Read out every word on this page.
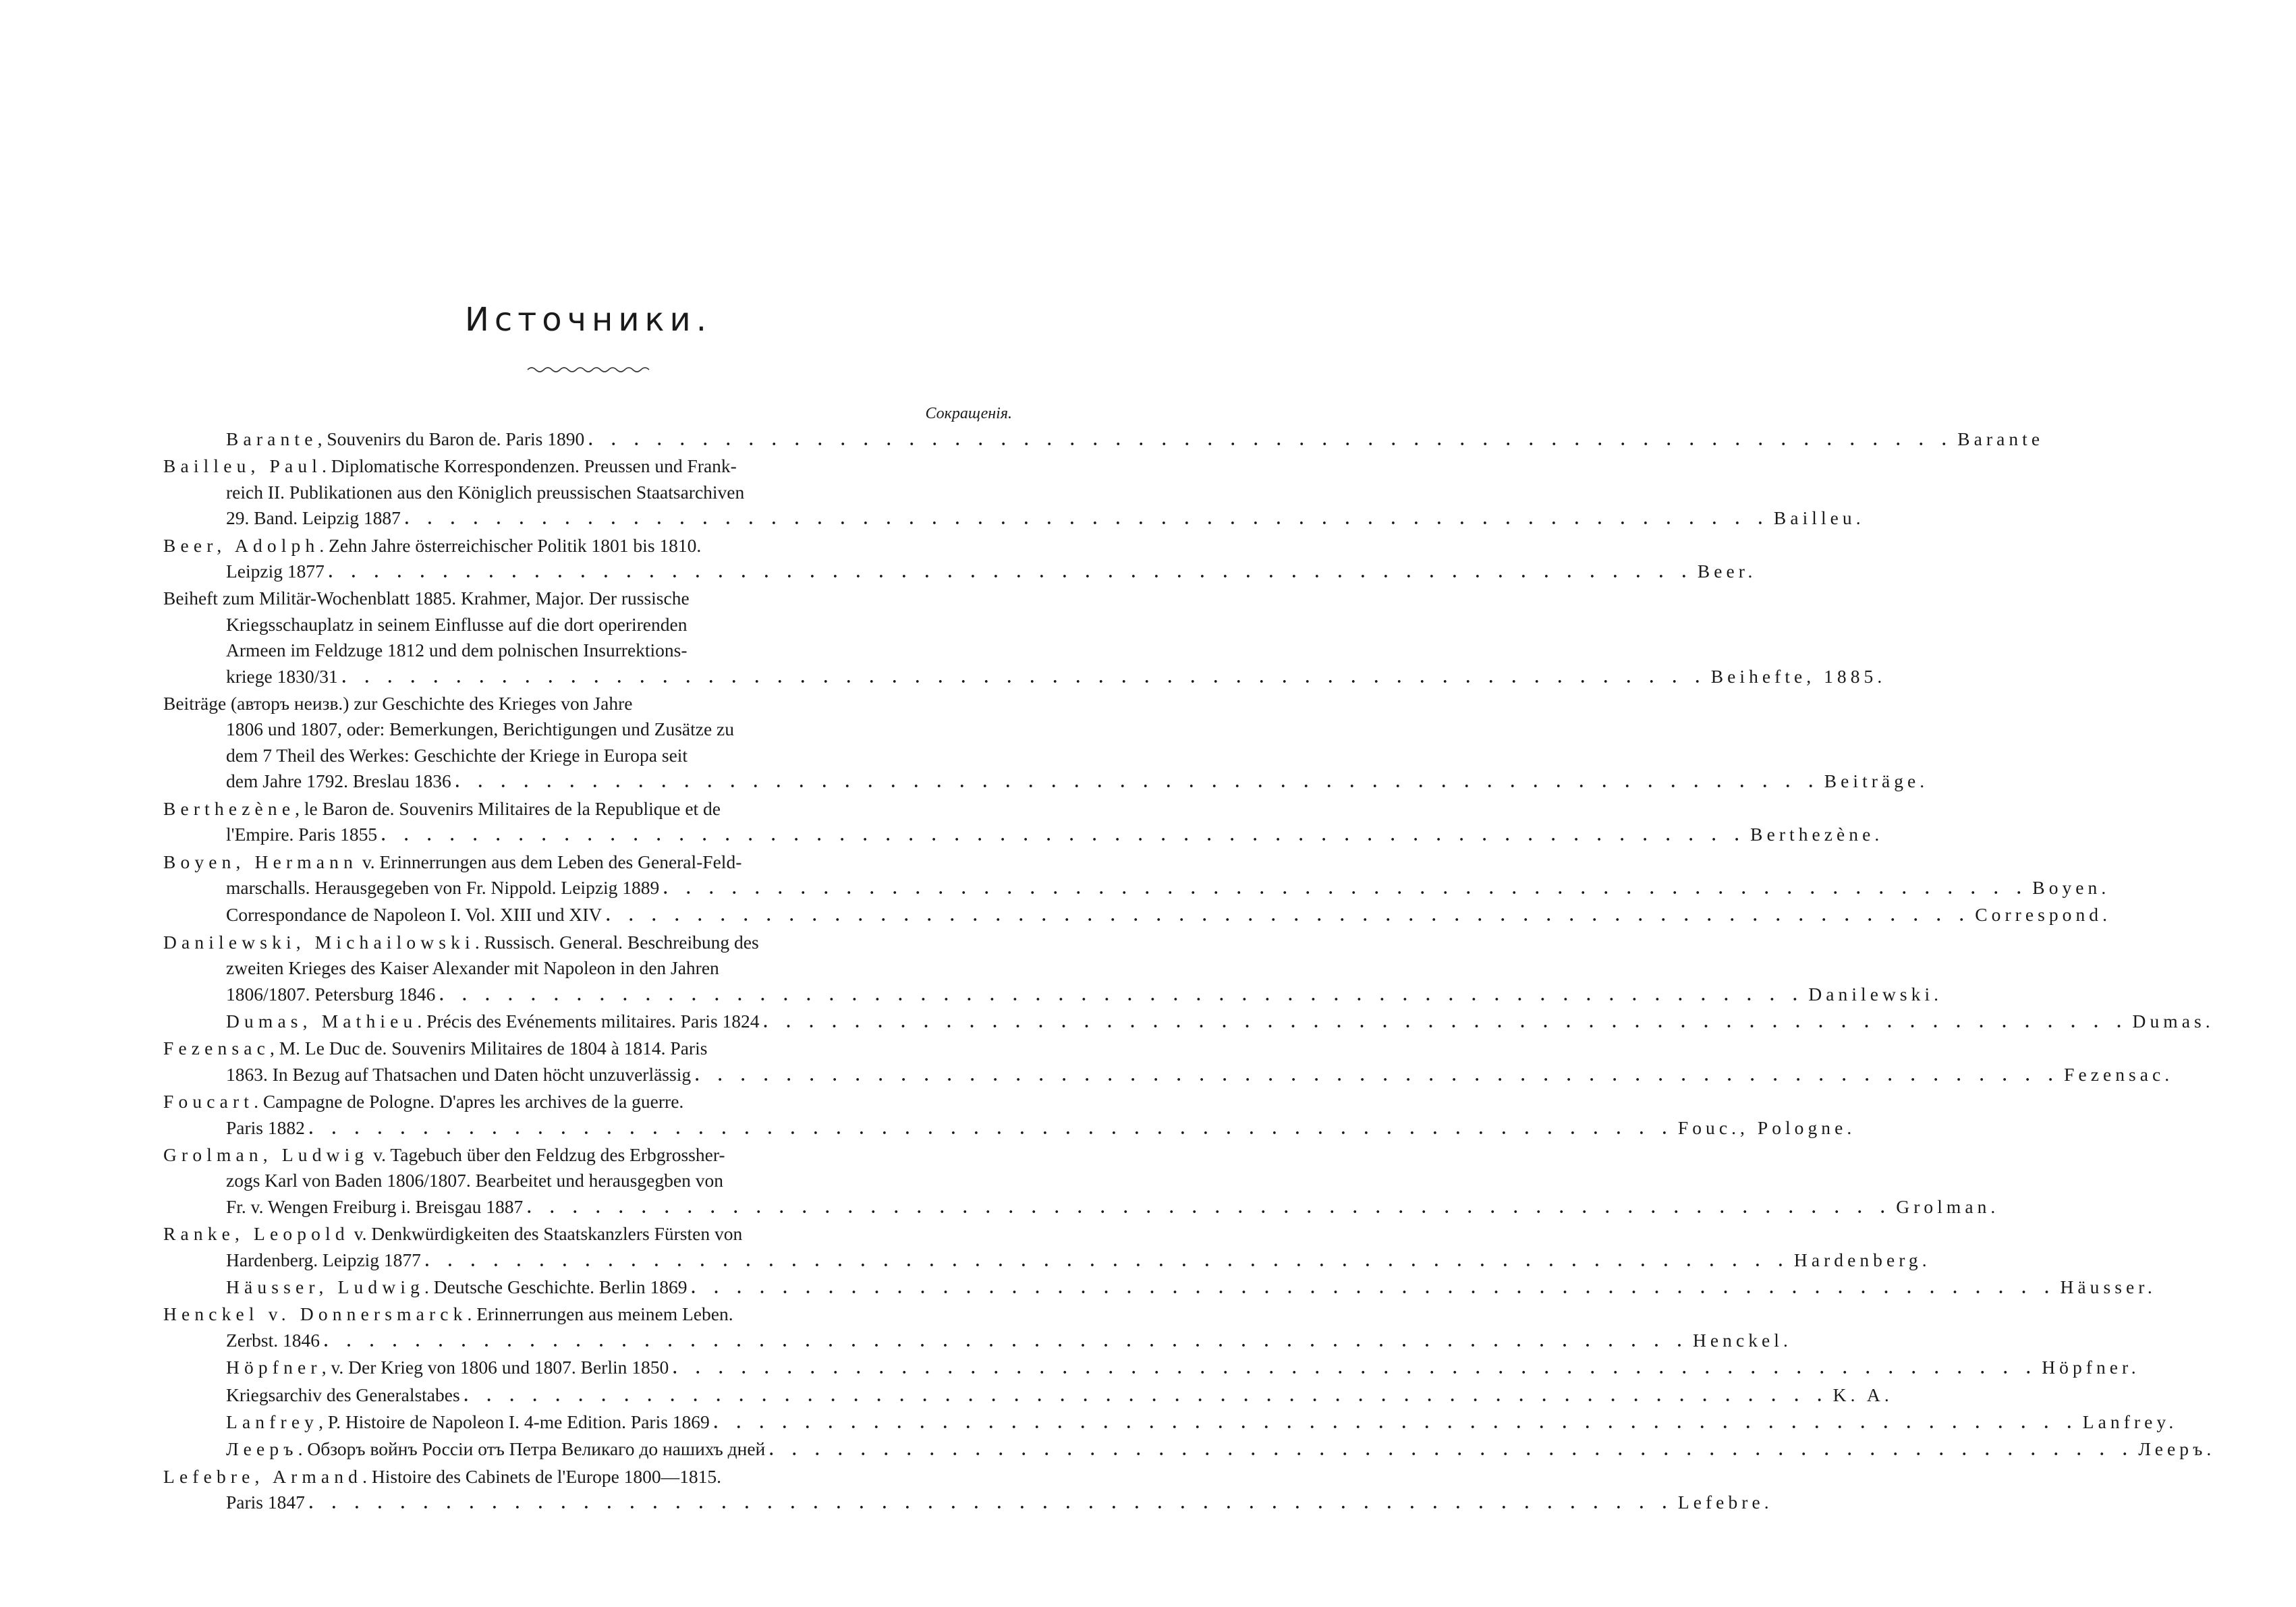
Источники.
Сокращенія.
Barante, Souvenirs du Baron de. Paris 1890 . . . . . . . . . . . . . . . . . . . . . . . . . . . . . . . . . . . . . . . . . . . . . . . . . . . . . . . . . . . . Barante
Bailleu, Paul. Diplomatische Korrespondenzen. Preussen und Frank-
reich II. Publikationen aus den Königlich preussischen Staatsarchiven
29. Band. Leipzig 1887 . . . . . . . . . . . . . . . . . . . . . . . . . . . . . . . . . . . . . . . . . . . . . . . . . . . . . . . . . . . . Bailleu.
Beer, Adolph. Zehn Jahre österreichischer Politik 1801 bis 1810.
Leipzig 1877 . . . . . . . . . . . . . . . . . . . . . . . . . . . . . . . . . . . . . . . . . . . . . . . . . . . . . . . . . . . . Beer.
Beiheft zum Militär-Wochenblatt 1885. Krahmer, Major. Der russische
Kriegsschauplatz in seinem Einflusse auf die dort operirenden
Armeen im Feldzuge 1812 und dem polnischen Insurrektions-
kriege 1830/31 . . . . . . . . . . . . . . . . . . . . . . . . . . . . . . . . . . . . . . . . . . . . . . . . . . . . . . . . . . . . Beihefte, 1885.
Beiträge (авторъ неизв.) zur Geschichte des Krieges von Jahre
1806 und 1807, oder: Bemerkungen, Berichtigungen und Zusätze zu
dem 7 Theil des Werkes: Geschichte der Kriege in Europa seit
dem Jahre 1792. Breslau 1836 . . . . . . . . . . . . . . . . . . . . . . . . . . . . . . . . . . . . . . . . . . . . . . . . . . . . . . . . . . . . Beiträge.
Berthezène, le Baron de. Souvenirs Militaires de la Republique et de
l'Empire. Paris 1855 . . . . . . . . . . . . . . . . . . . . . . . . . . . . . . . . . . . . . . . . . . . . . . . . . . . . . . . . . . . . Berthezène.
Boyen, Hermann v. Erinnerrungen aus dem Leben des General-Feld-
marschalls. Herausgegeben von Fr. Nippold. Leipzig 1889 . . . . . . . . . . . . . . . . . . . . . . . . . . . . . . . . . . . . . . . . . . . . . . . . . . . . . . . . . . . . Boyen.
Correspondance de Napoleon I. Vol. XIII und XIV . . . . . . . . . . . . . . . . . . . . . . . . . . . . . . . . . . . . . . . . . . . . . . . . . . . . . . . . . . . . Correspond.
Danilewski, Michailowski. Russisch. General. Beschreibung des
zweiten Krieges des Kaiser Alexander mit Napoleon in den Jahren
1806/1807. Petersburg 1846 . . . . . . . . . . . . . . . . . . . . . . . . . . . . . . . . . . . . . . . . . . . . . . . . . . . . . . . . . . . . Danilewski.
Dumas, Mathieu. Précis des Evénements militaires. Paris 1824 . . . . . . . . . . . . . . . . . . . . . . . . . . . . . . . . . . . . . . . . . . . . . . . . . . . . . . . . . . . . Dumas.
Fezensac, M. Le Duc de. Souvenirs Militaires de 1804 à 1814. Paris
1863. In Bezug auf Thatsachen und Daten höcht unzuverlässig . . . . . . . . . . . . . . . . . . . . . . . . . . . . . . . . . . . . . . . . . . . . . . . . . . . . . . . . . . . . Fezensac.
Foucart. Campagne de Pologne. D'apres les archives de la guerre.
Paris 1882 . . . . . . . . . . . . . . . . . . . . . . . . . . . . . . . . . . . . . . . . . . . . . . . . . . . . . . . . . . . . Fouc., Pologne.
Grolman, Ludwig v. Tagebuch über den Feldzug des Erbgrossher-
zogs Karl von Baden 1806/1807. Bearbeitet und herausgegben von
Fr. v. Wengen Freiburg i. Breisgau 1887 . . . . . . . . . . . . . . . . . . . . . . . . . . . . . . . . . . . . . . . . . . . . . . . . . . . . . . . . . . . . Grolman.
Ranke, Leopold v. Denkwürdigkeiten des Staatskanzlers Fürsten von
Hardenberg. Leipzig 1877 . . . . . . . . . . . . . . . . . . . . . . . . . . . . . . . . . . . . . . . . . . . . . . . . . . . . . . . . . . . . Hardenberg.
Häusser, Ludwig. Deutsche Geschichte. Berlin 1869 . . . . . . . . . . . . . . . . . . . . . . . . . . . . . . . . . . . . . . . . . . . . . . . . . . . . . . . . . . . . Häusser.
Henckel v. Donnersmarck. Erinnerrungen aus meinem Leben.
Zerbst. 1846 . . . . . . . . . . . . . . . . . . . . . . . . . . . . . . . . . . . . . . . . . . . . . . . . . . . . . . . . . . . . Henckel.
Höpfner, v. Der Krieg von 1806 und 1807. Berlin 1850 . . . . . . . . . . . . . . . . . . . . . . . . . . . . . . . . . . . . . . . . . . . . . . . . . . . . . . . . . . . . Höpfner.
Kriegsarchiv des Generalstabes . . . . . . . . . . . . . . . . . . . . . . . . . . . . . . . . . . . . . . . . . . . . . . . . . . . . . . . . . . . . K. A.
Lanfrey, P. Histoire de Napoleon I. 4-me Edition. Paris 1869 . . . . . . . . . . . . . . . . . . . . . . . . . . . . . . . . . . . . . . . . . . . . . . . . . . . . . . . . . . . . Lanfrey.
Лееръ. Обзоръ войнъ Россiи отъ Петра Великаго до нашихъ дней . . . . . . . . . . . . . . . . . . . . . . . . . . . . . . . . . . . . . . . . . . . . . . . . . . . . . . . . . . . . Лееръ.
Lefebre, Armand. Histoire des Cabinets de l'Europe 1800—1815.
Paris 1847 . . . . . . . . . . . . . . . . . . . . . . . . . . . . . . . . . . . . . . . . . . . . . . . . . . . . . . . . . . . . Lefebre.
